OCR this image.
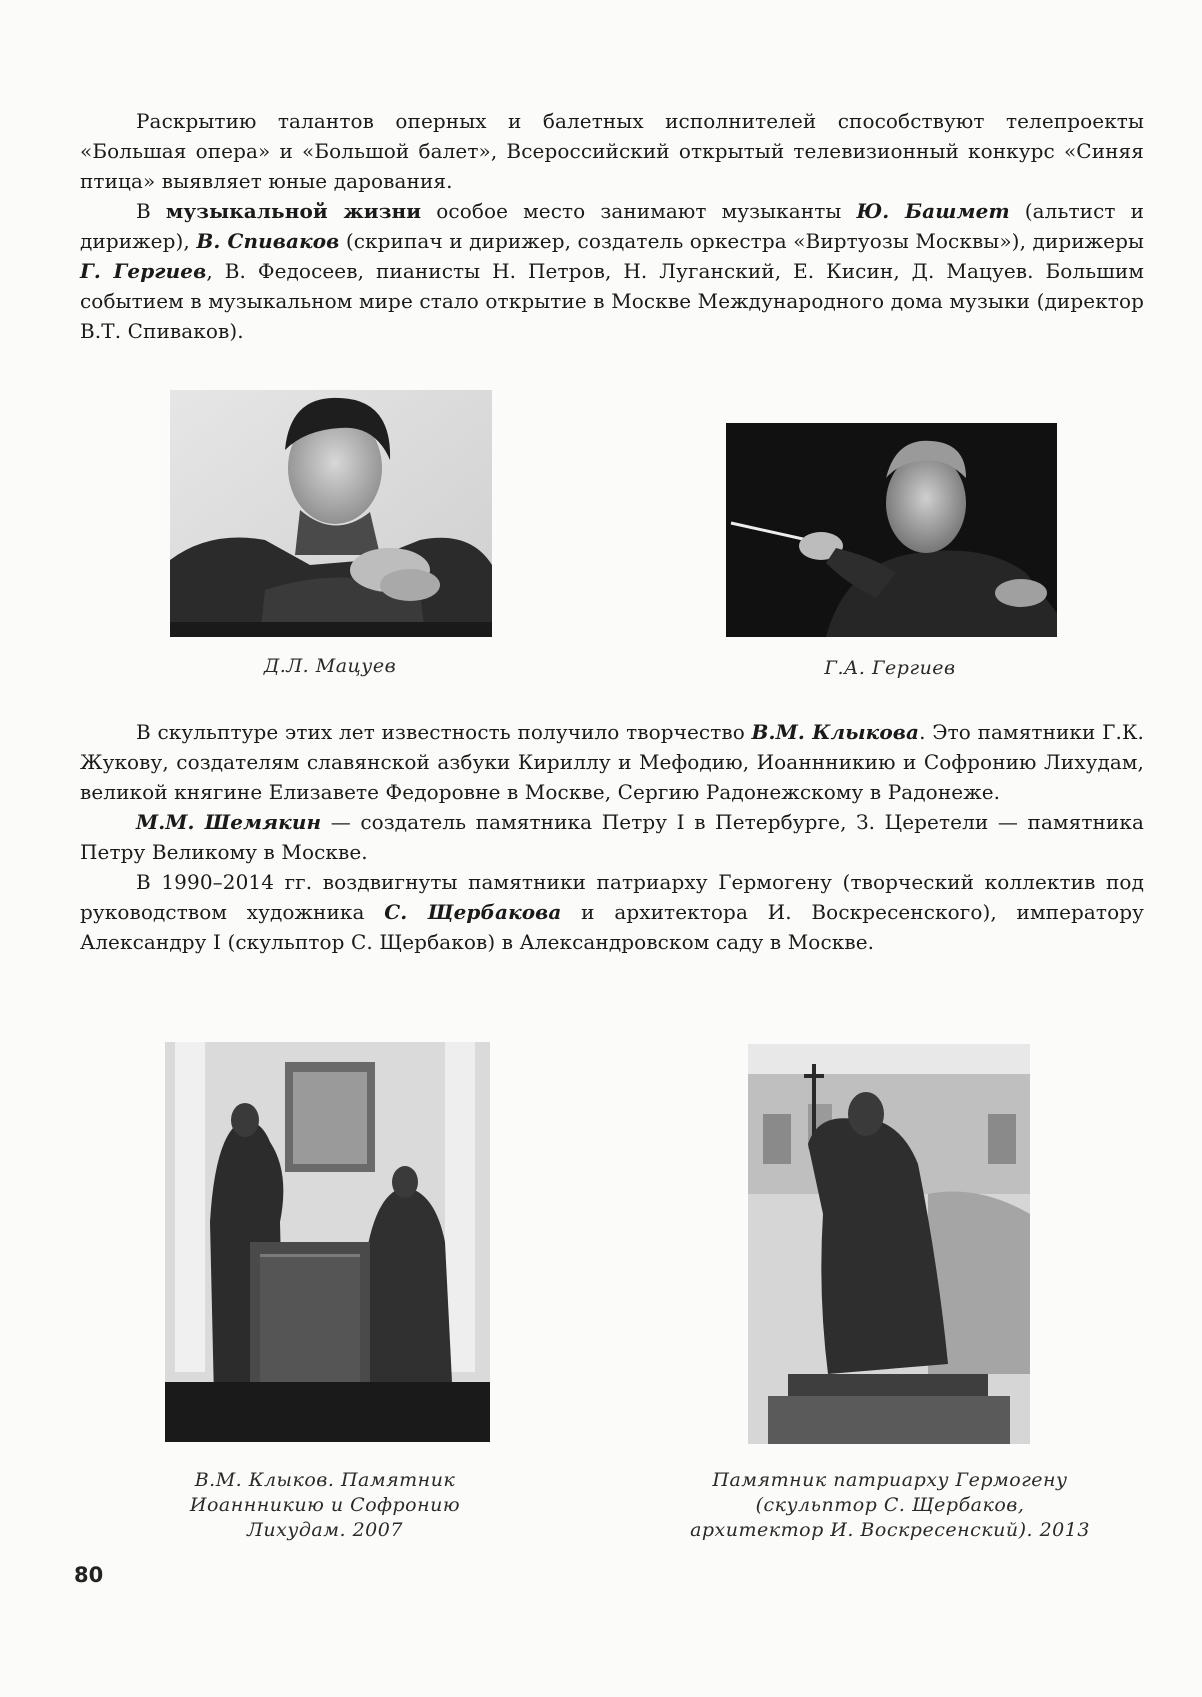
Раскрытию талантов оперных и балетных исполнителей способствуют телепроекты «Большая опера» и «Большой балет», Всероссийский открытый телевизионный конкурс «Синяя птица» выявляет юные дарования.

В музыкальной жизни особое место занимают музыканты Ю. Башмет (альтист и дирижер), В. Спиваков (скрипач и дирижер, создатель оркестра «Виртуозы Москвы»), дирижеры Г. Гергиев, В. Федосеев, пианисты Н. Петров, Н. Луганский, Е. Кисин, Д. Мацуев. Большим событием в музыкальном мире стало открытие в Москве Международного дома музыки (директор В.Т. Спиваков).

Д.Л. Мацуев	Г.А. Гергиев

В скульптуре этих лет известность получило творчество В.М. Клыкова. Это памятники Г.К. Жукову, создателям славянской азбуки Кириллу и Мефодию, Иоаннникию и Софронию Лихудам, великой княгине Елизавете Федоровне в Москве, Сергию Радонежскому в Радонеже.

М.М. Шемякин — создатель памятника Петру I в Петербурге, З. Церетели — памятника Петру Великому в Москве.

В 1990–2014 гг. воздвигнуты памятники патриарху Гермогену (творческий коллектив под руководством художника С. Щербакова и архитектора И. Воскресенского), императору Александру I (скульптор С. Щербаков) в Александровском саду в Москве.

В.М. Клыков. Памятник
Иоаннникию и Софронию
Лихудам. 2007
Памятник патриарху Гермогену
(скульптор С. Щербаков,
архитектор И. Воскресенский). 2013
80
